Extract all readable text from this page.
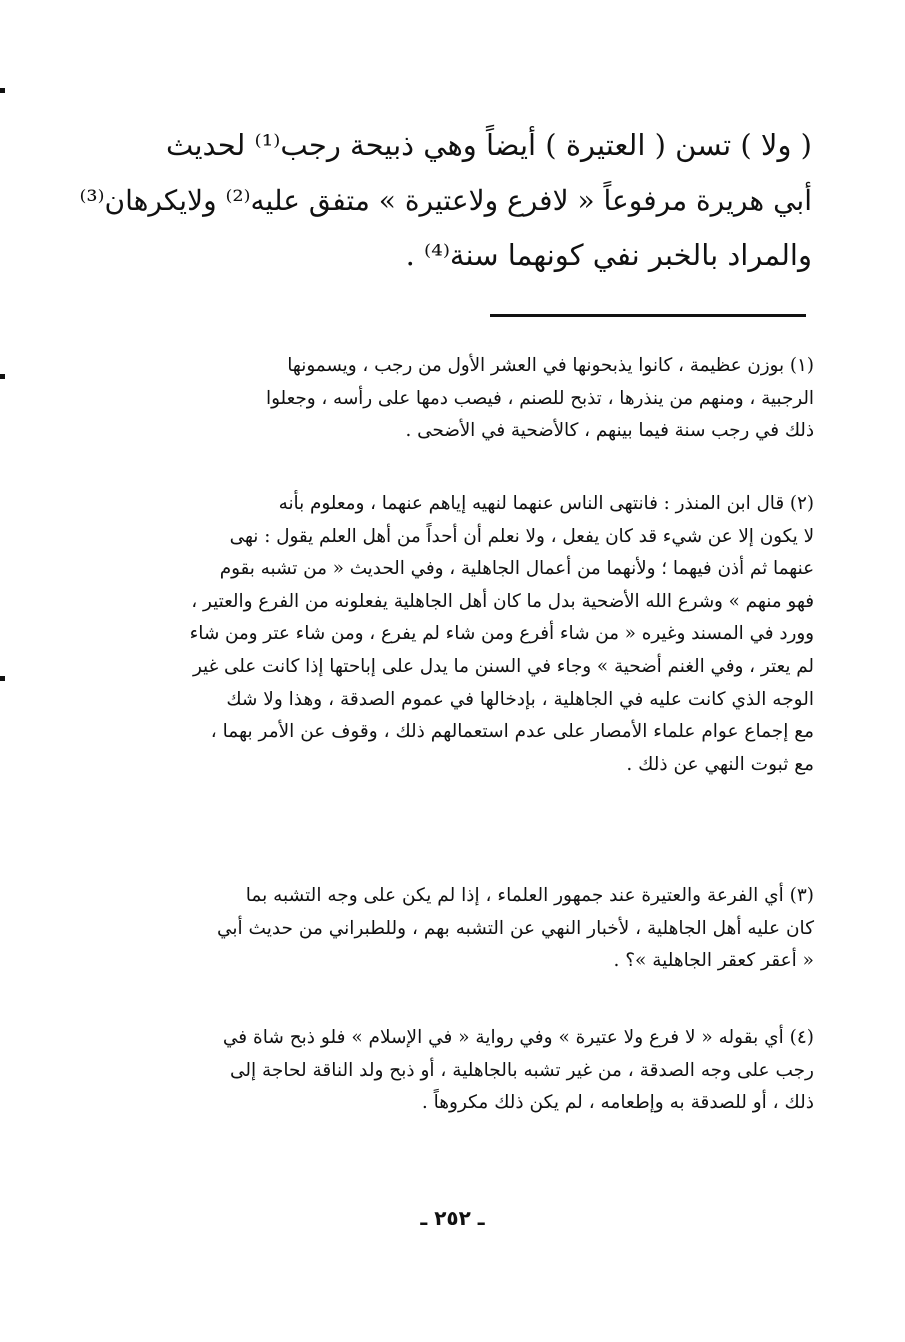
( ولا ) تسن ( العتيرة ) أيضاً وهي ذبيحة رجب⁽¹⁾ لحديث
أبي هريرة مرفوعاً « لافرع ولاعتيرة » متفق عليه⁽²⁾ ولايكرهان⁽³⁾
والمراد بالخبر نفي كونهما سنة⁽⁴⁾ .
(١) بوزن عظيمة ، كانوا يذبحونها في العشر الأول من رجب ، ويسمونها
الرجبية ، ومنهم من ينذرها ، تذبح للصنم ، فيصب دمها على رأسه ، وجعلوا
ذلك في رجب سنة فيما بينهم ، كالأضحية في الأضحى .
(٢) قال ابن المنذر : فانتهى الناس عنهما لنهيه إياهم عنهما ، ومعلوم بأنه
لا يكون إلا عن شيء قد كان يفعل ، ولا نعلم أن أحداً من أهل العلم يقول : نهى
عنهما ثم أذن فيهما ؛ ولأنهما من أعمال الجاهلية ، وفي الحديث « من تشبه بقوم
فهو منهم » وشرع الله الأضحية بدل ما كان أهل الجاهلية يفعلونه من الفرع والعتير ،
وورد في المسند وغيره « من شاء أفرع ومن شاء لم يفرع ، ومن شاء عتر ومن شاء
لم يعتر ، وفي الغنم أضحية » وجاء في السنن ما يدل على إباحتها إذا كانت على غير
الوجه الذي كانت عليه في الجاهلية ، بإدخالها في عموم الصدقة ، وهذا ولا شك
مع إجماع عوام علماء الأمصار على عدم استعمالهم ذلك ، وقوف عن الأمر بهما ،
مع ثبوت النهي عن ذلك .
(٣) أي الفرعة والعتيرة عند جمهور العلماء ، إذا لم يكن على وجه التشبه بما
كان عليه أهل الجاهلية ، لأخبار النهي عن التشبه بهم ، وللطبراني من حديث أبي
« أعقر كعقر الجاهلية »؟ .
(٤) أي بقوله « لا فرع ولا عتيرة » وفي رواية « في الإسلام » فلو ذبح شاة في
رجب على وجه الصدقة ، من غير تشبه بالجاهلية ، أو ذبح ولد الناقة لحاجة إلى
ذلك ، أو للصدقة به وإطعامه ، لم يكن ذلك مكروهاً .
ـ ٢٥٢ ـ
